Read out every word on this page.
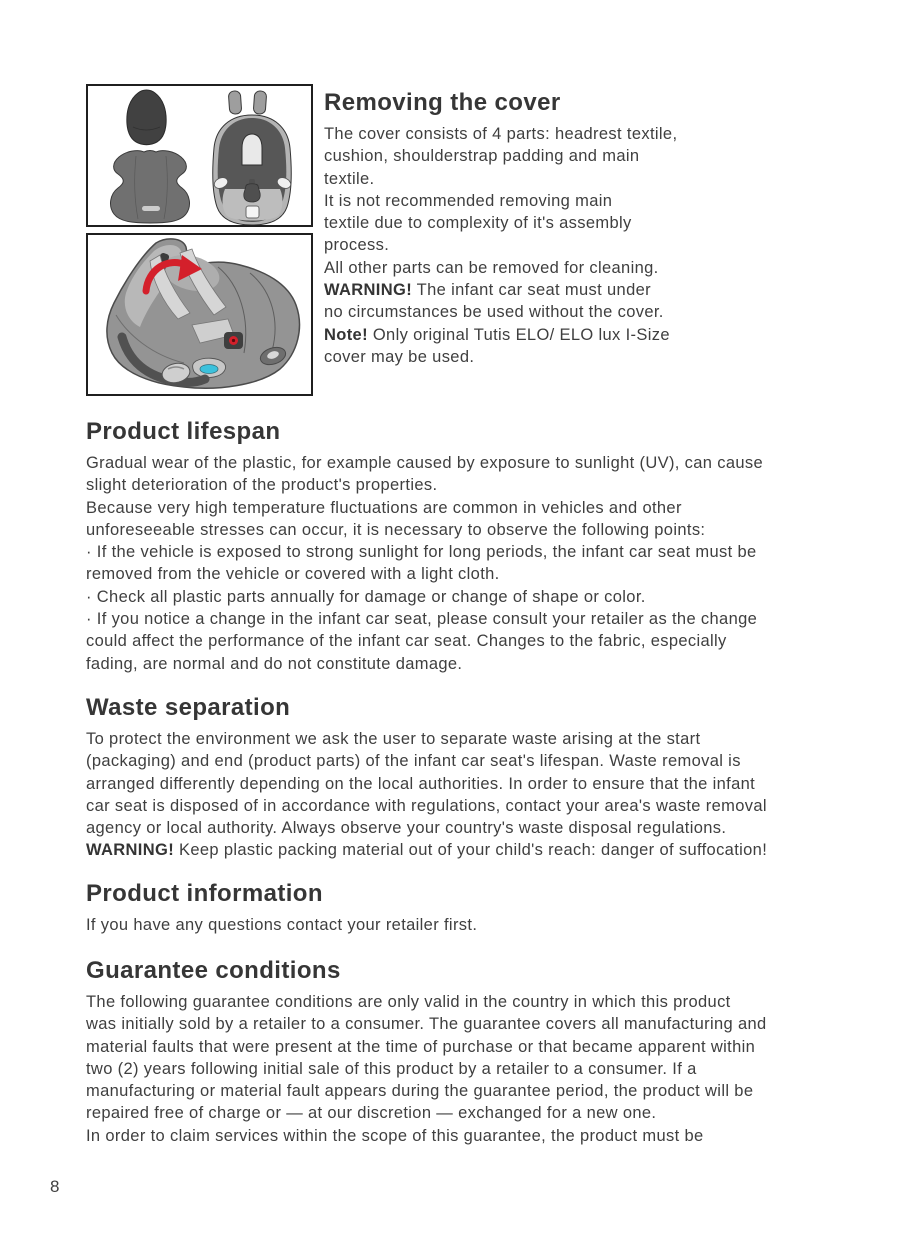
Removing the cover

The cover consists of 4 parts: headrest textile,
cushion, shoulderstrap padding and main
textile.
It is not recommended removing main
textile due to complexity of it's assembly
process.
All other parts can be removed for cleaning.
WARNING! The infant car seat must under
no circumstances be used without the cover.
Note! Only original Tutis ELO/ ELO lux I-Size
cover may be used.

Product lifespan

Gradual wear of the plastic, for example caused by exposure to sunlight (UV), can cause
slight deterioration of the product's properties.
Because very high temperature fluctuations are common in vehicles and other
unforeseeable stresses can occur, it is necessary to observe the following points:
· If the vehicle is exposed to strong sunlight for long periods, the infant car seat must be
removed from the vehicle or covered with a light cloth.
· Check all plastic parts annually for damage or change of shape or color.
· If you notice a change in the infant car seat, please consult your retailer as the change
could affect the performance of the infant car seat. Changes to the fabric, especially
fading, are normal and do not constitute damage.

Waste separation

To protect the environment we ask the user to separate waste arising at the start
(packaging) and end (product parts) of the infant car seat's lifespan. Waste removal is
arranged differently depending on the local authorities. In order to ensure that the infant
car seat is disposed of in accordance with regulations, contact your area's waste removal
agency or local authority. Always observe your country's waste disposal regulations.
WARNING! Keep plastic packing material out of your child's reach: danger of suffocation!

Product information

If you have any questions contact your retailer first.

Guarantee conditions

The following guarantee conditions are only valid in the country in which this product
was initially sold by a retailer to a consumer. The guarantee covers all manufacturing and
material faults that were present at the time of purchase or that became apparent within
two (2) years following initial sale of this product by a retailer to a consumer. If a
manufacturing or material fault appears during the guarantee period, the product will be
repaired free of charge or — at our discretion — exchanged for a new one.
In order to claim services within the scope of this guarantee, the product must be

8
